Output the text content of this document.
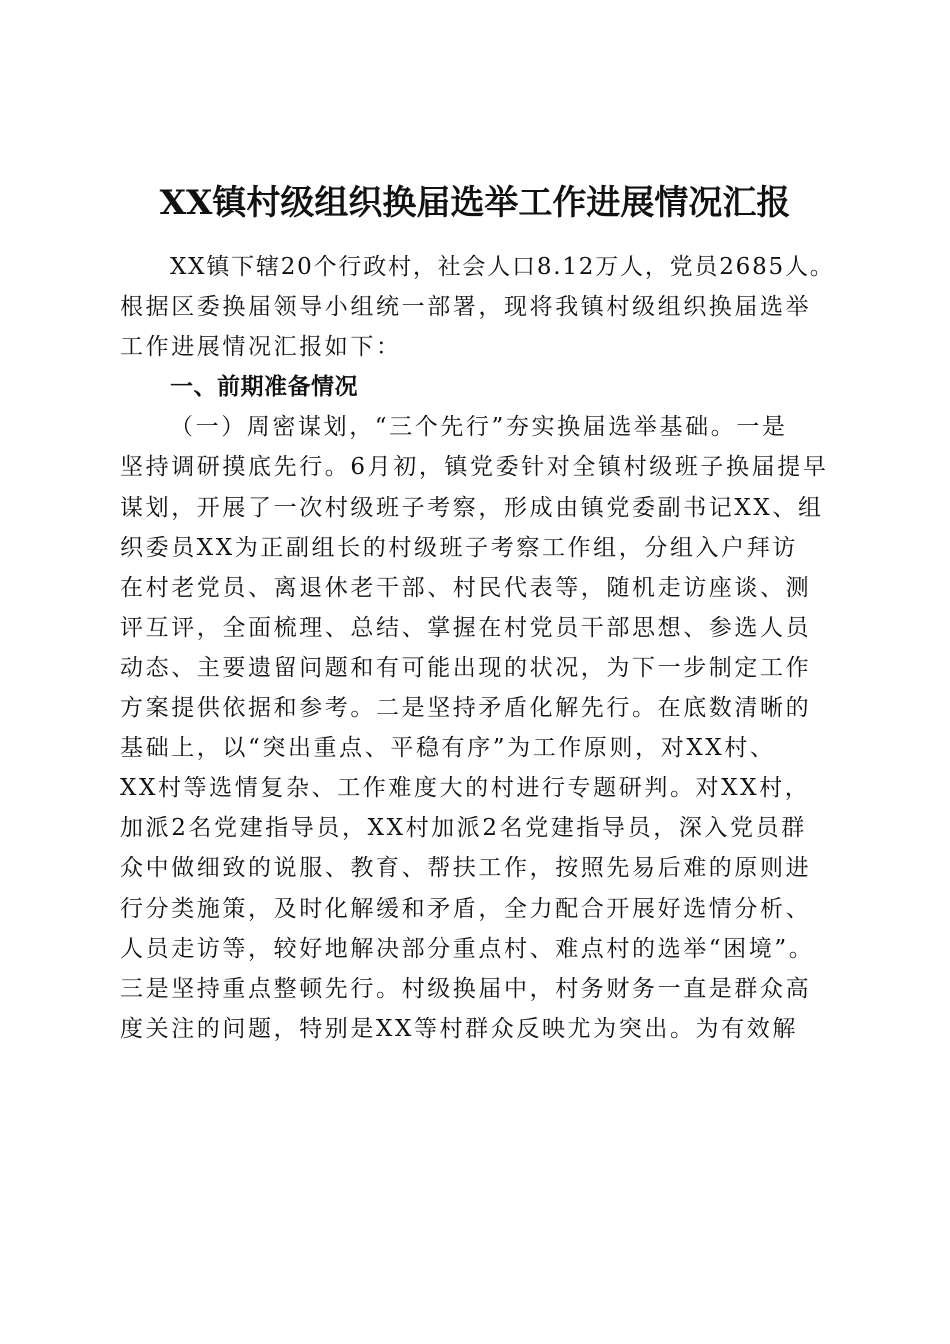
XX镇村级组织换届选举工作进展情况汇报
XX镇下辖20个行政村，社会人口8.12万人，党员2685人。
根据区委换届领导小组统一部署，现将我镇村级组织换届选举
工作进展情况汇报如下：
一、前期准备情况
（一）周密谋划，“三个先行”夯实换届选举基础。一是
坚持调研摸底先行。6月初，镇党委针对全镇村级班子换届提早
谋划，开展了一次村级班子考察，形成由镇党委副书记XX、组
织委员XX为正副组长的村级班子考察工作组，分组入户拜访
在村老党员、离退休老干部、村民代表等，随机走访座谈、测
评互评，全面梳理、总结、掌握在村党员干部思想、参选人员
动态、主要遗留问题和有可能出现的状况，为下一步制定工作
方案提供依据和参考。二是坚持矛盾化解先行。在底数清晰的
基础上，以“突出重点、平稳有序”为工作原则，对XX村、
XX村等选情复杂、工作难度大的村进行专题研判。对XX村，
加派2名党建指导员，XX村加派2名党建指导员，深入党员群
众中做细致的说服、教育、帮扶工作，按照先易后难的原则进
行分类施策，及时化解缓和矛盾，全力配合开展好选情分析、
人员走访等，较好地解决部分重点村、难点村的选举“困境”。
三是坚持重点整顿先行。村级换届中，村务财务一直是群众高
度关注的问题，特别是XX等村群众反映尤为突出。为有效解
